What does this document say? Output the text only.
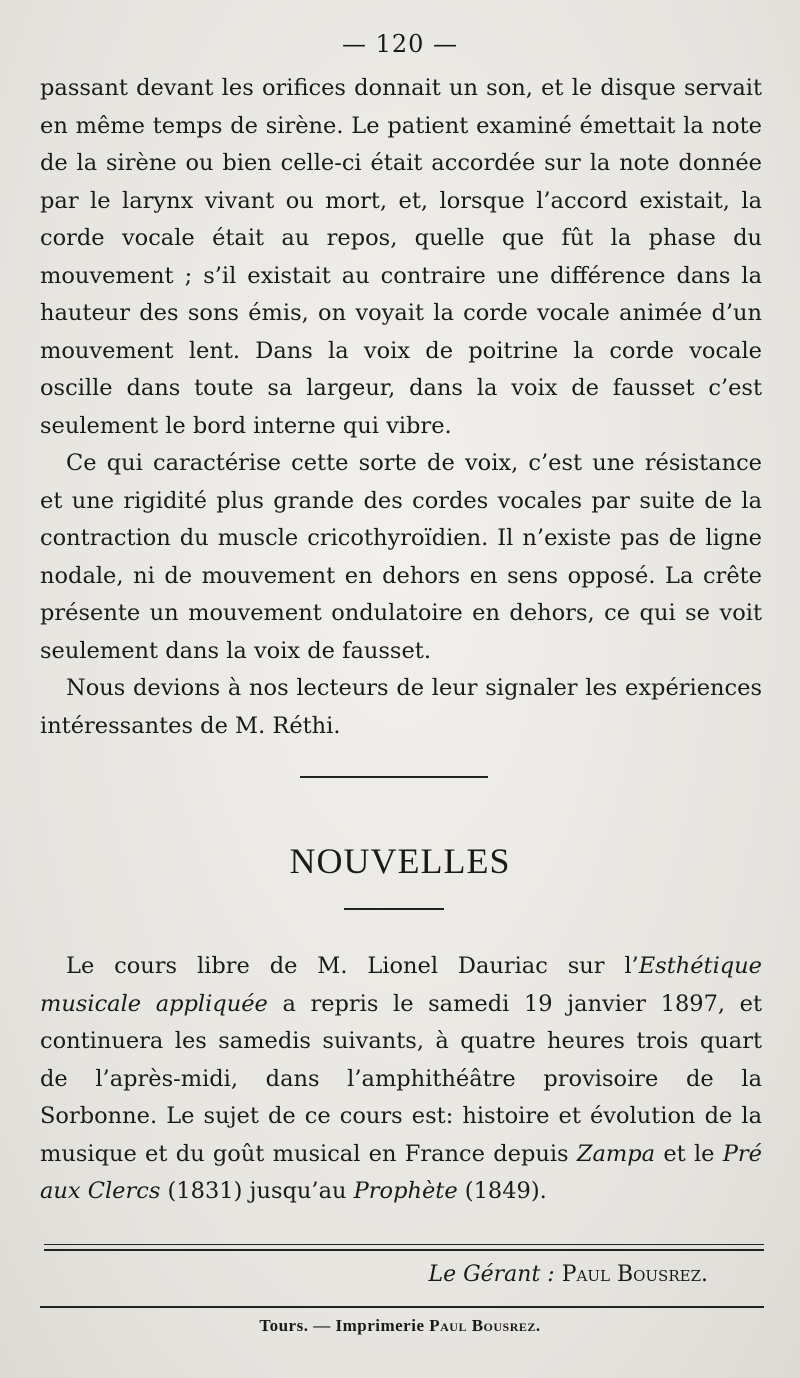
— 120 —

passant devant les orifices donnait un son, et le disque servait en même temps de sirène. Le patient examiné émettait la note de la sirène ou bien celle-ci était accordée sur la note donnée par le larynx vivant ou mort, et, lorsque l’accord existait, la corde vocale était au repos, quelle que fût la phase du mouvement ; s’il existait au contraire une différence dans la hauteur des sons émis, on voyait la corde vocale animée d’un mouvement lent. Dans la voix de poitrine la corde vocale oscille dans toute sa largeur, dans la voix de fausset c’est seulement le bord interne qui vibre.

Ce qui caractérise cette sorte de voix, c’est une résistance et une rigidité plus grande des cordes vocales par suite de la contraction du muscle cricothyroïdien. Il n’existe pas de ligne nodale, ni de mouvement en dehors en sens opposé. La crête présente un mouvement ondulatoire en dehors, ce qui se voit seulement dans la voix de fausset.

Nous devions à nos lecteurs de leur signaler les expériences intéressantes de M. Réthi.

NOUVELLES

Le cours libre de M. Lionel Dauriac sur l’Esthétique musicale appliquée a repris le samedi 19 janvier 1897, et continuera les samedis suivants, à quatre heures trois quart de l’après-midi, dans l’amphithéâtre provisoire de la Sorbonne. Le sujet de ce cours est: histoire et évolution de la musique et du goût musical en France depuis Zampa et le Pré aux Clercs (1831) jusqu’au Prophète (1849).

Le Gérant : Paul Bousrez.
Tours. — Imprimerie Paul Bousrez.
